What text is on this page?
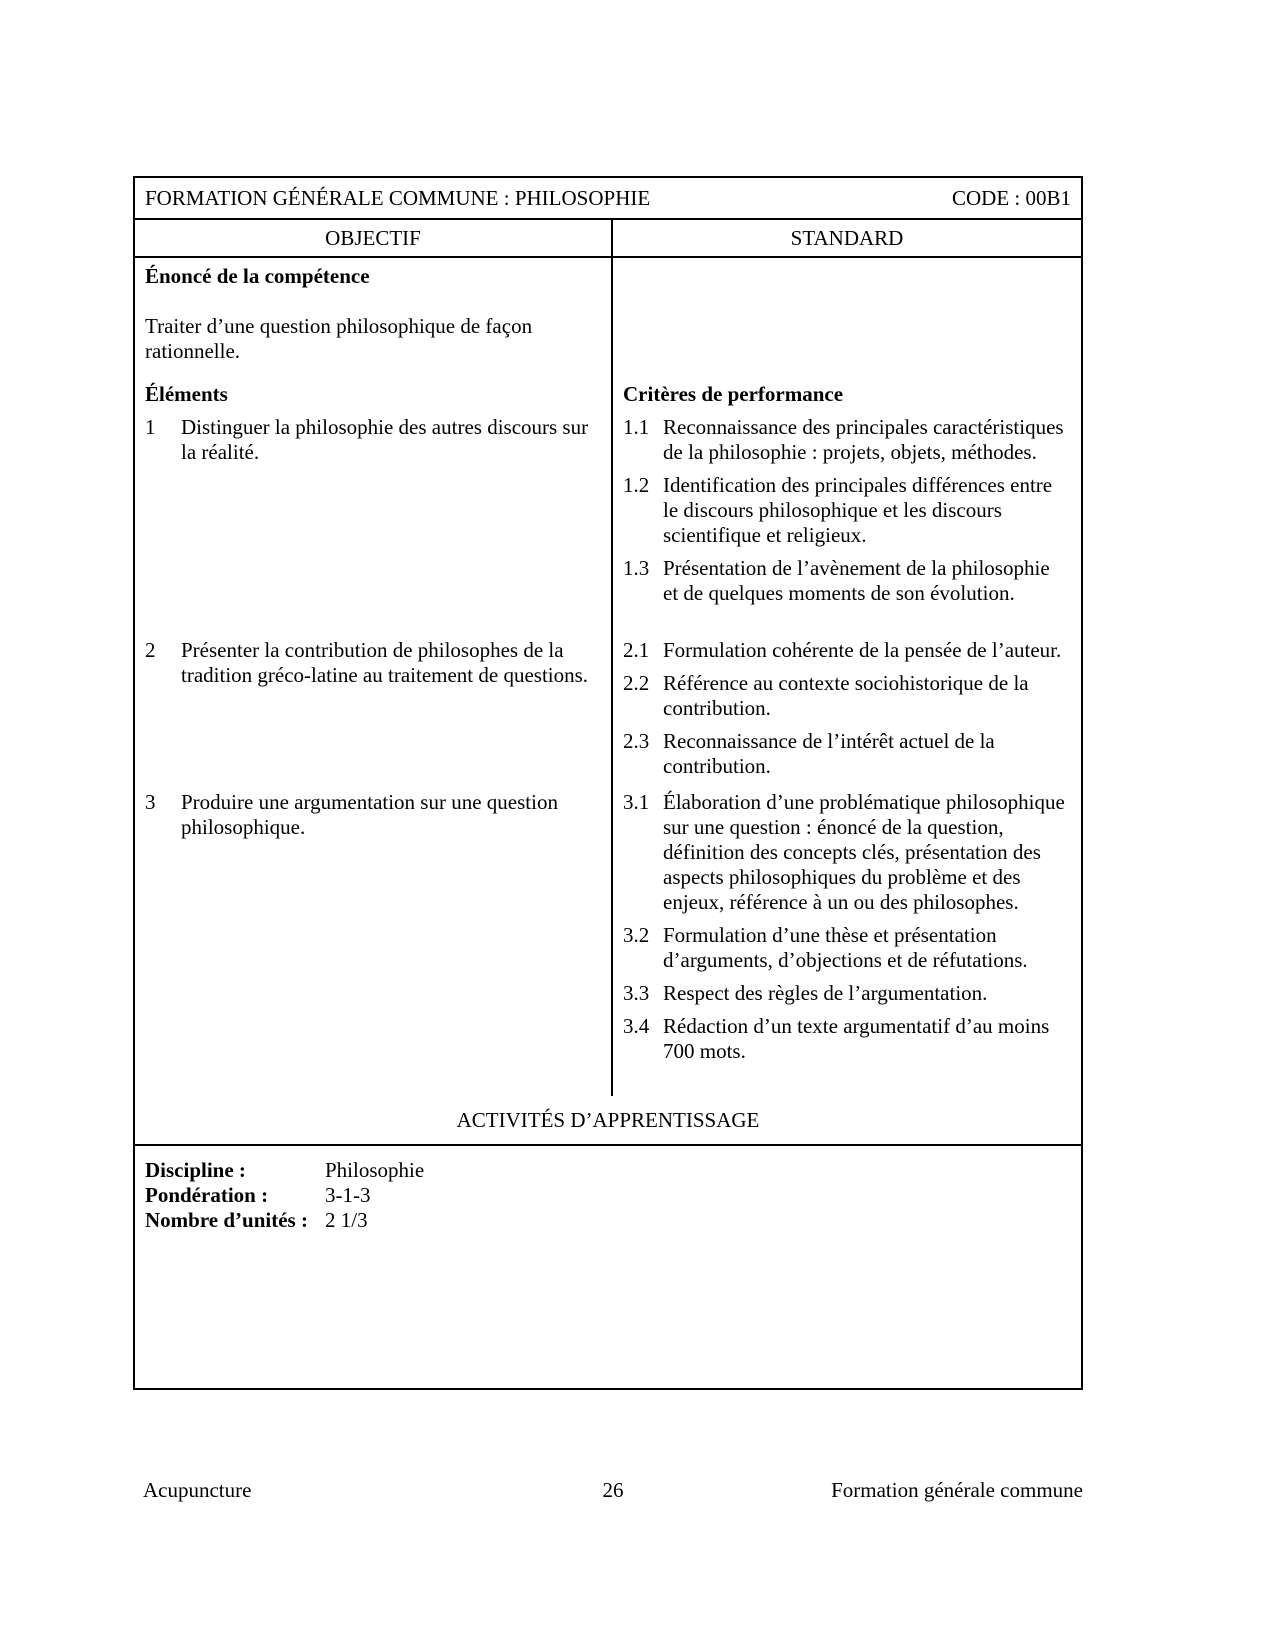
FORMATION GÉNÉRALE COMMUNE : PHILOSOPHIE	CODE : 00B1
OBJECTIF	STANDARD
Énoncé de la compétence
Traiter d’une question philosophique de façon rationnelle.
Éléments	Critères de performance
1	Distinguer la philosophie des autres discours sur la réalité.
1.1 Reconnaissance des principales caractéristiques de la philosophie : projets, objets, méthodes.
1.2 Identification des principales différences entre le discours philosophique et les discours scientifique et religieux.
1.3 Présentation de l’avènement de la philosophie et de quelques moments de son évolution.
2	Présenter la contribution de philosophes de la tradition gréco-latine au traitement de questions.
2.1 Formulation cohérente de la pensée de l’auteur.
2.2 Référence au contexte sociohistorique de la contribution.
2.3 Reconnaissance de l’intérêt actuel de la contribution.
3	Produire une argumentation sur une question philosophique.
3.1 Élaboration d’une problématique philosophique sur une question : énoncé de la question, définition des concepts clés, présentation des aspects philosophiques du problème et des enjeux, référence à un ou des philosophes.
3.2 Formulation d’une thèse et présentation d’arguments, d’objections et de réfutations.
3.3 Respect des règles de l’argumentation.
3.4 Rédaction d’un texte argumentatif d’au moins 700 mots.
ACTIVITÉS D’APPRENTISSAGE
Discipline :	Philosophie
Pondération :	3-1-3
Nombre d’unités : 2 1/3
Acupuncture	26	Formation générale commune
